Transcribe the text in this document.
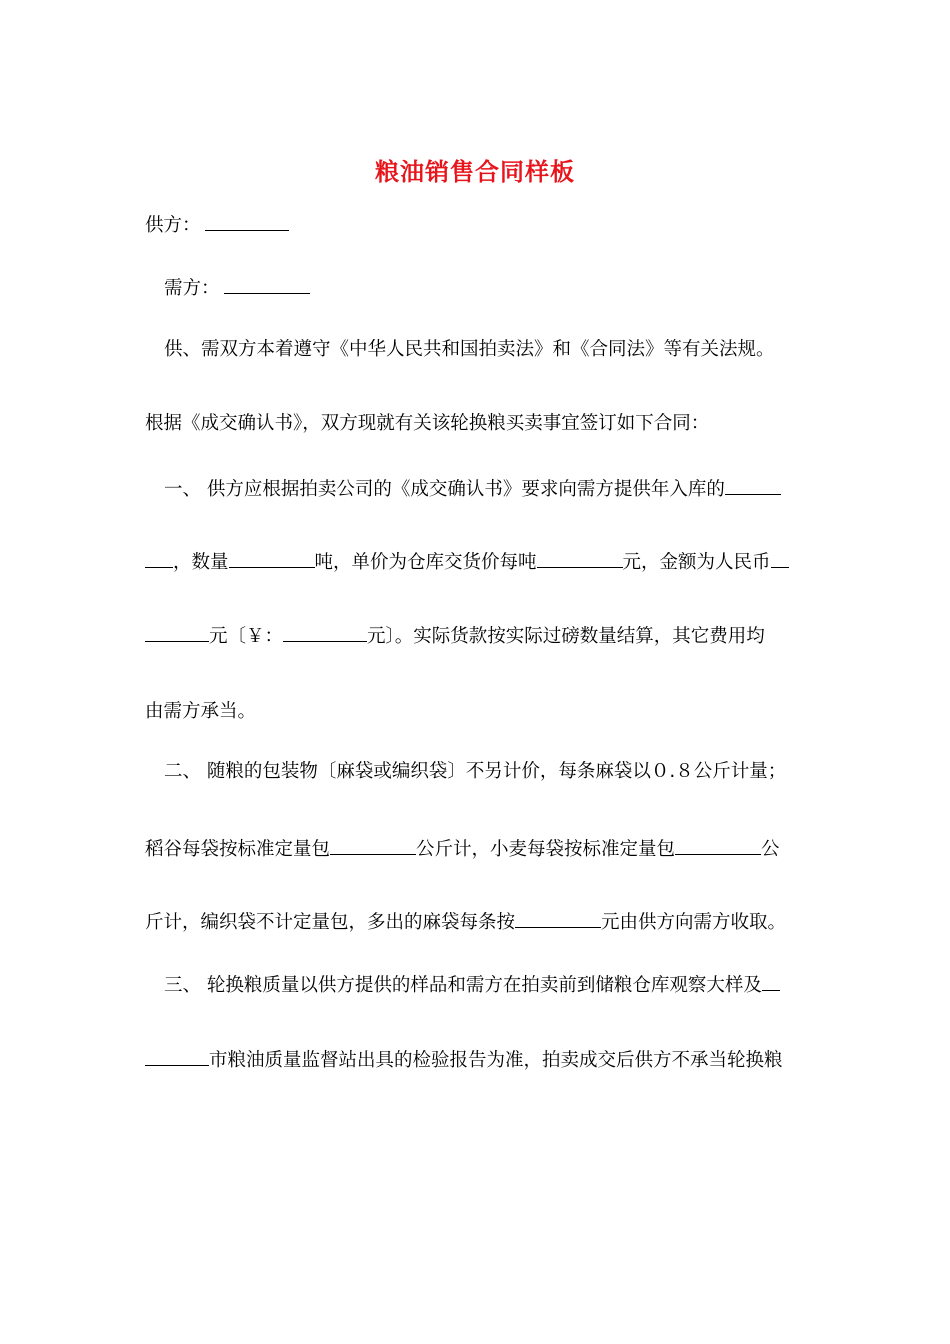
粮油销售合同样板
供方：
需方：
供、需双方本着遵守《中华人民共和国拍卖法》和《合同法》等有关法规。
根据《成交确认书》，双方现就有关该轮换粮买卖事宜签订如下合同：
一、 供方应根据拍卖公司的《成交确认书》要求向需方提供年入库的
，数量	吨，单价为仓库交货价每吨	元，金额为人民币
元〔￥：	元〕。实际货款按实际过磅数量结算，其它费用均
由需方承当。
二、 随粮的包装物〔麻袋或编织袋〕不另计价，每条麻袋以０.８公斤计量；
稻谷每袋按标准定量包	公斤计，小麦每袋按标准定量包	公
斤计，编织袋不计定量包，多出的麻袋每条按	元由供方向需方收取。
三、 轮换粮质量以供方提供的样品和需方在拍卖前到储粮仓库观察大样及
市粮油质量监督站出具的检验报告为准，拍卖成交后供方不承当轮换粮
